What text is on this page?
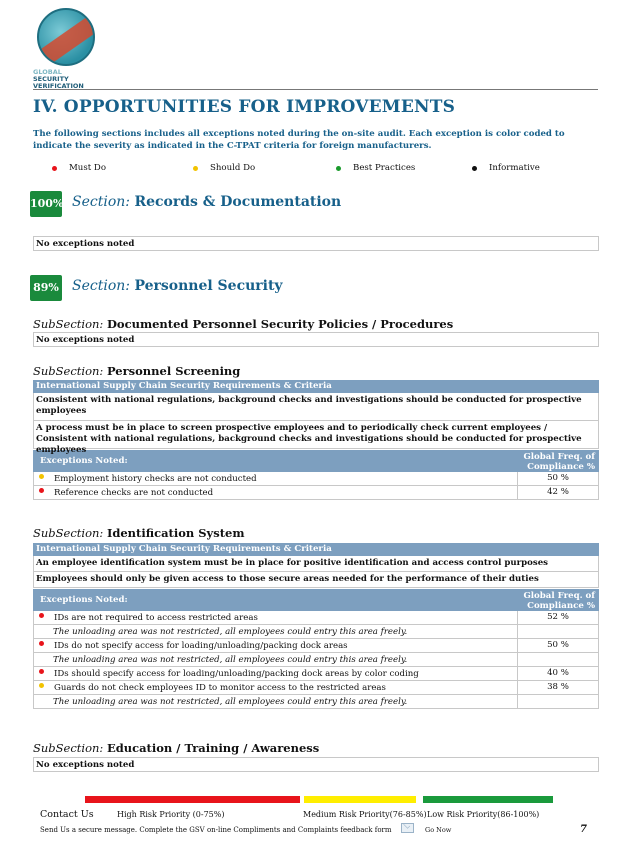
GLOBAL
SECURITY
VERIFICATION
IV. OPPORTUNITIES FOR IMPROVEMENTS
The following sections includes all exceptions noted during the on-site audit. Each exception is color coded to indicate the severity as indicated in the C-TPAT criteria for foreign manufacturers.
Must Do	Should Do	Best Practices	Informative
100% Section: Records & Documentation
No exceptions noted
89% Section: Personnel Security
SubSection: Documented Personnel Security Policies / Procedures
No exceptions noted
SubSection: Personnel Screening
International Supply Chain Security Requirements & Criteria
Consistent with national regulations, background checks and investigations should be conducted for prospective employees
A process must be in place to screen prospective employees and to periodically check current employees / Consistent with national regulations, background checks and investigations should be conducted for prospective employees
Exceptions Noted:	Global Freq. of Compliance %
Employment history checks are not conducted	50 %
Reference checks are not conducted	42 %
SubSection: Identification System
International Supply Chain Security Requirements & Criteria
An employee identification system must be in place for positive identification and access control purposes
Employees should only be given access to those secure areas needed for the performance of their duties
Exceptions Noted:	Global Freq. of Compliance %
IDs are not required to access restricted areas	52 %
The unloading area was not restricted, all employees could entry this area freely.
IDs do not specify access for loading/unloading/packing dock areas	50 %
The unloading area was not restricted, all employees could entry this area freely.
IDs should specify access for loading/unloading/packing dock areas by color coding	40 %
Guards do not check employees ID to monitor access to the restricted areas	38 %
The unloading area was not restricted, all employees could entry this area freely.
SubSection: Education / Training / Awareness
No exceptions noted
Contact Us	High Risk Priority (0-75%)	Medium Risk Priority(76-85%) Low Risk Priority(86-100%)
Send Us a secure message. Complete the GSV on-line Compliments and Complaints feedback form	Go Now	7
